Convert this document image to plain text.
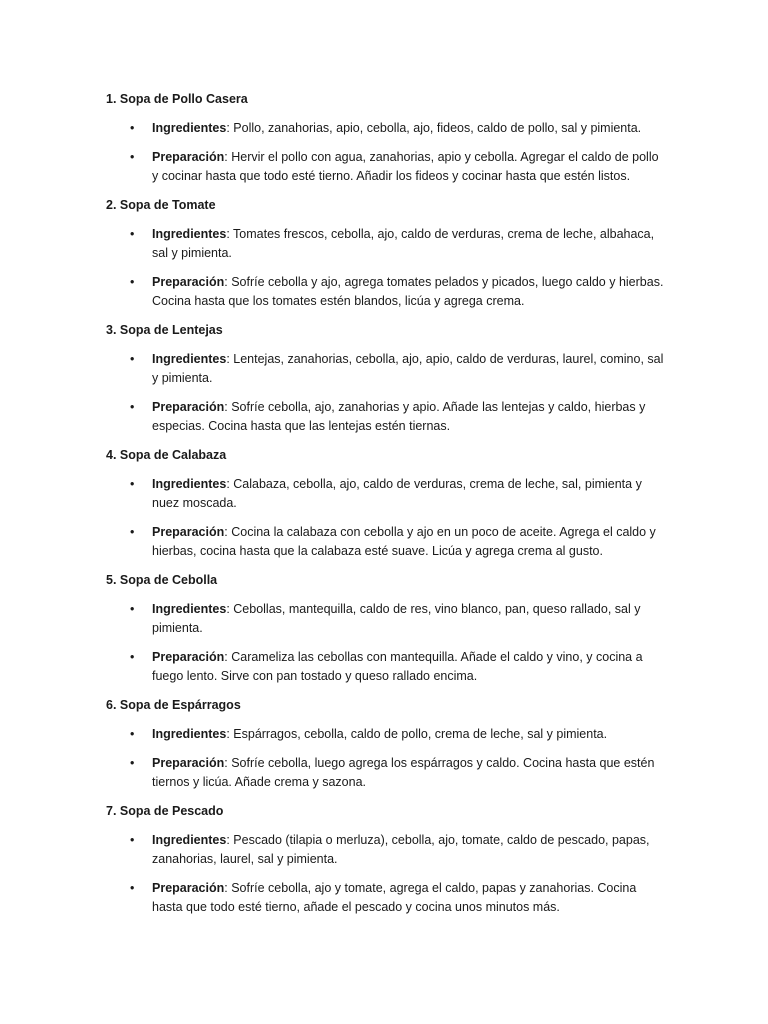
1. Sopa de Pollo Casera
• Ingredientes: Pollo, zanahorias, apio, cebolla, ajo, fideos, caldo de pollo, sal y pimienta.
• Preparación: Hervir el pollo con agua, zanahorias, apio y cebolla. Agregar el caldo de pollo y cocinar hasta que todo esté tierno. Añadir los fideos y cocinar hasta que estén listos.
2. Sopa de Tomate
• Ingredientes: Tomates frescos, cebolla, ajo, caldo de verduras, crema de leche, albahaca, sal y pimienta.
• Preparación: Sofríe cebolla y ajo, agrega tomates pelados y picados, luego caldo y hierbas. Cocina hasta que los tomates estén blandos, licúa y agrega crema.
3. Sopa de Lentejas
• Ingredientes: Lentejas, zanahorias, cebolla, ajo, apio, caldo de verduras, laurel, comino, sal y pimienta.
• Preparación: Sofríe cebolla, ajo, zanahorias y apio. Añade las lentejas y caldo, hierbas y especias. Cocina hasta que las lentejas estén tiernas.
4. Sopa de Calabaza
• Ingredientes: Calabaza, cebolla, ajo, caldo de verduras, crema de leche, sal, pimienta y nuez moscada.
• Preparación: Cocina la calabaza con cebolla y ajo en un poco de aceite. Agrega el caldo y hierbas, cocina hasta que la calabaza esté suave. Licúa y agrega crema al gusto.
5. Sopa de Cebolla
• Ingredientes: Cebollas, mantequilla, caldo de res, vino blanco, pan, queso rallado, sal y pimienta.
• Preparación: Carameliza las cebollas con mantequilla. Añade el caldo y vino, y cocina a fuego lento. Sirve con pan tostado y queso rallado encima.
6. Sopa de Espárragos
• Ingredientes: Espárragos, cebolla, caldo de pollo, crema de leche, sal y pimienta.
• Preparación: Sofríe cebolla, luego agrega los espárragos y caldo. Cocina hasta que estén tiernos y licúa. Añade crema y sazona.
7. Sopa de Pescado
• Ingredientes: Pescado (tilapia o merluza), cebolla, ajo, tomate, caldo de pescado, papas, zanahorias, laurel, sal y pimienta.
• Preparación: Sofríe cebolla, ajo y tomate, agrega el caldo, papas y zanahorias. Cocina hasta que todo esté tierno, añade el pescado y cocina unos minutos más.
